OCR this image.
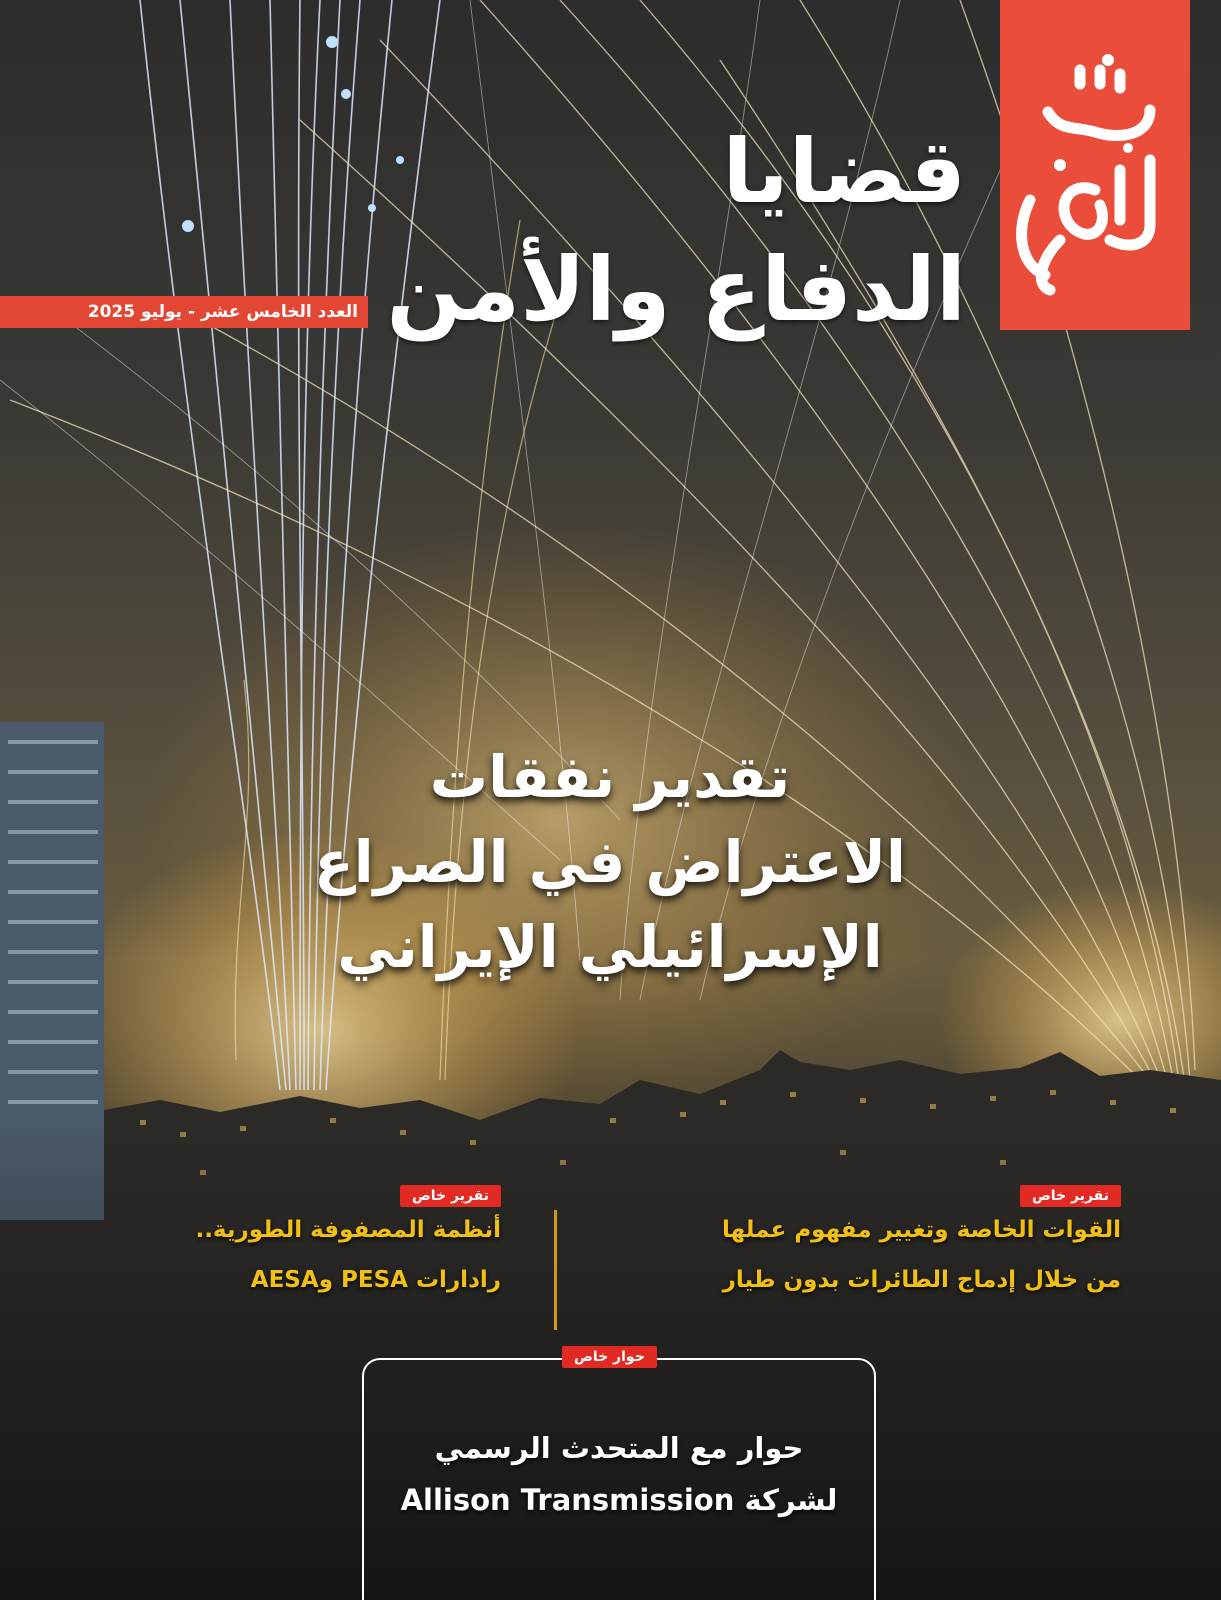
قضايا
الدفاع والأمن
العدد الخامس عشر - يوليو 2025
تقدير نفقات
الاعتراض في الصراع
الإسرائيلي الإيراني
تقرير خاص
القوات الخاصة وتغيير مفهوم عملها
من خلال إدماج الطائرات بدون طيار
تقرير خاص
أنظمة المصفوفة الطورية..
رادارات PESA وAESA
حوار خاص
حوار مع المتحدث الرسمي
لشركة Allison Transmission
